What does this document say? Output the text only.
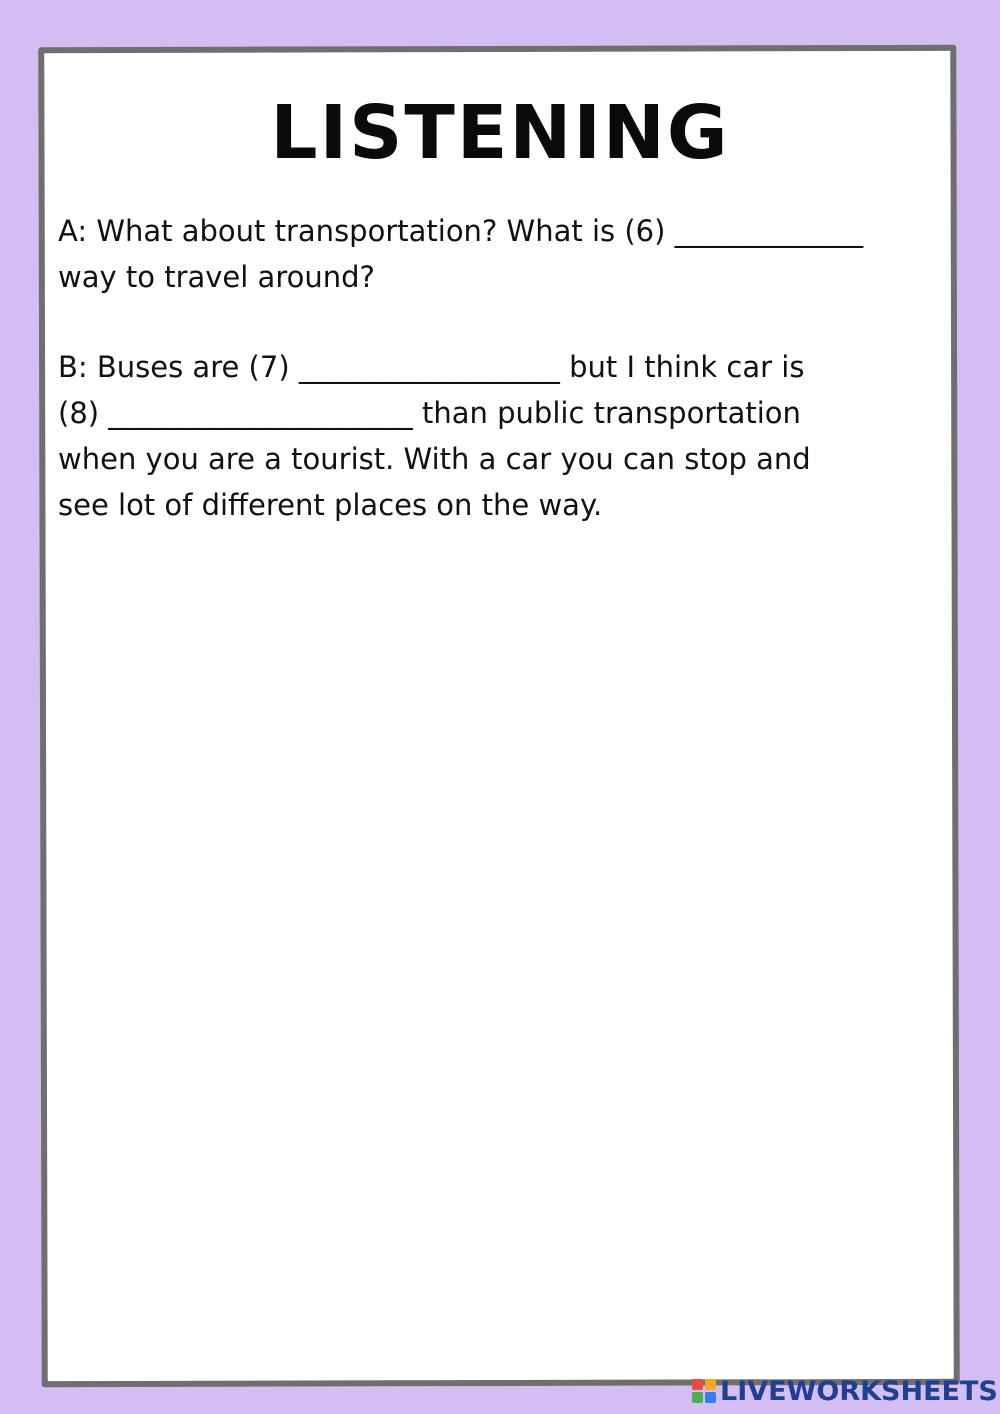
LISTENING

A: What about transportation? What is (6) _____________
way to travel around?

B: Buses are (7) __________________ but I think car is
(8) _____________________ than public transportation
when you are a tourist. With a car you can stop and
see lot of different places on the way.

LIVEWORKSHEETS
